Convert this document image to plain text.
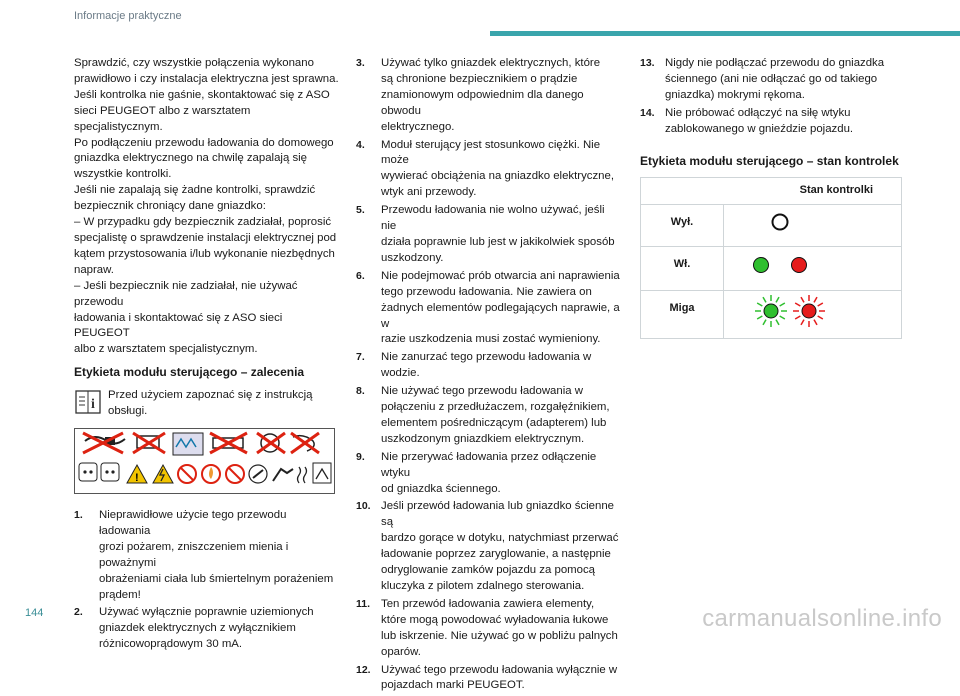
Informacje praktyczne
Sprawdzić, czy wszystkie połączenia wykonano
prawidłowo i czy instalacja elektryczna jest sprawna.
Jeśli kontrolka nie gaśnie, skontaktować się z ASO
sieci PEUGEOT albo z warsztatem specjalistycznym.
Po podłączeniu przewodu ładowania do domowego
gniazdka elektrycznego na chwilę zapalają się
wszystkie kontrolki.
Jeśli nie zapalają się żadne kontrolki, sprawdzić
bezpiecznik chroniący dane gniazdko:
– W przypadku gdy bezpiecznik zadziałał, poprosić
specjalistę o sprawdzenie instalacji elektrycznej pod
kątem przystosowania i/lub wykonanie niezbędnych
napraw.
– Jeśli bezpiecznik nie zadziałał, nie używać przewodu
ładowania i skontaktować się z ASO sieci PEUGEOT
albo z warsztatem specjalistycznym.
Etykieta modułu sterującego – zalecenia
i
Przed użyciem zapoznać się z instrukcją
obsługi.
!
1. Nieprawidłowe użycie tego przewodu ładowania
grozi pożarem, zniszczeniem mienia i poważnymi
obrażeniami ciała lub śmiertelnym porażeniem
prądem!
2. Używać wyłącznie poprawnie uziemionych
gniazdek elektrycznych z wyłącznikiem
różnicowoprądowym 30 mA.
3. Używać tylko gniazdek elektrycznych, które
są chronione bezpiecznikiem o prądzie
znamionowym odpowiednim dla danego obwodu
elektrycznego.
4. Moduł sterujący jest stosunkowo ciężki. Nie może
wywierać obciążenia na gniazdko elektryczne,
wtyk ani przewody.
5. Przewodu ładowania nie wolno używać, jeśli nie
działa poprawnie lub jest w jakikolwiek sposób
uszkodzony.
6. Nie podejmować prób otwarcia ani naprawienia
tego przewodu ładowania. Nie zawiera on
żadnych elementów podlegających naprawie, a w
razie uszkodzenia musi zostać wymieniony.
7. Nie zanurzać tego przewodu ładowania w wodzie.
8. Nie używać tego przewodu ładowania w
połączeniu z przedłużaczem, rozgałęźnikiem,
elementem pośredniczącym (adapterem) lub
uszkodzonym gniazdkiem elektrycznym.
9. Nie przerywać ładowania przez odłączenie wtyku
od gniazdka ściennego.
10. Jeśli przewód ładowania lub gniazdko ścienne są
bardzo gorące w dotyku, natychmiast przerwać
ładowanie poprzez zaryglowanie, a następnie
odryglowanie zamków pojazdu za pomocą
kluczyka z pilotem zdalnego sterowania.
11. Ten przewód ładowania zawiera elementy,
które mogą powodować wyładowania łukowe
lub iskrzenie. Nie używać go w pobliżu palnych
oparów.
12. Używać tego przewodu ładowania wyłącznie w
pojazdach marki PEUGEOT.
13. Nigdy nie podłączać przewodu do gniazdka
ściennego (ani nie odłączać go od takiego
gniazdka) mokrymi rękoma.
14. Nie próbować odłączyć na siłę wtyku
zablokowanego w gnieździe pojazdu.
Etykieta modułu sterującego – stan kontrolek
Stan kontrolki	
Wył.	
Wł.	
Miga	
144	carmanualsonline.info
